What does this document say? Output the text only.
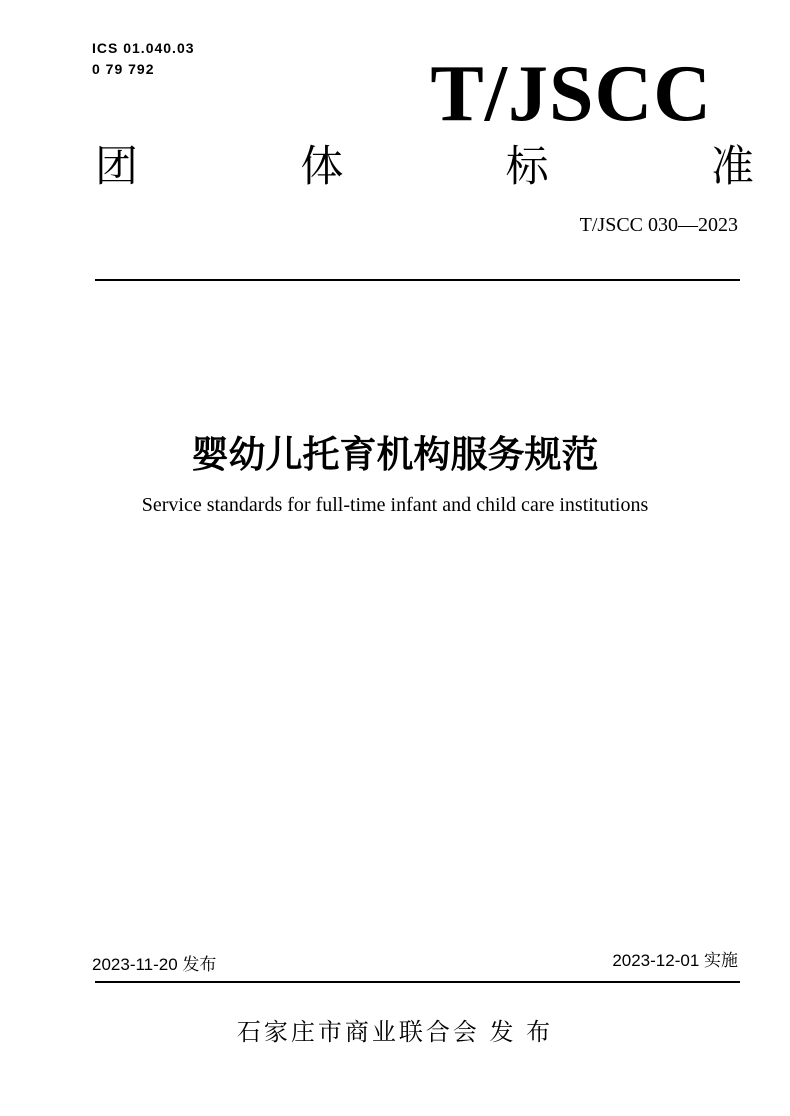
ICS 01.040.03
0 79 792	T/JSCC
团	体	标	准
T/JSCC 030—2023
婴幼儿托育机构服务规范
Service standards for full-time infant and child care institutions
2023-11-20 发布	2023-12-01 实施
石家庄市商业联合会 发 布
